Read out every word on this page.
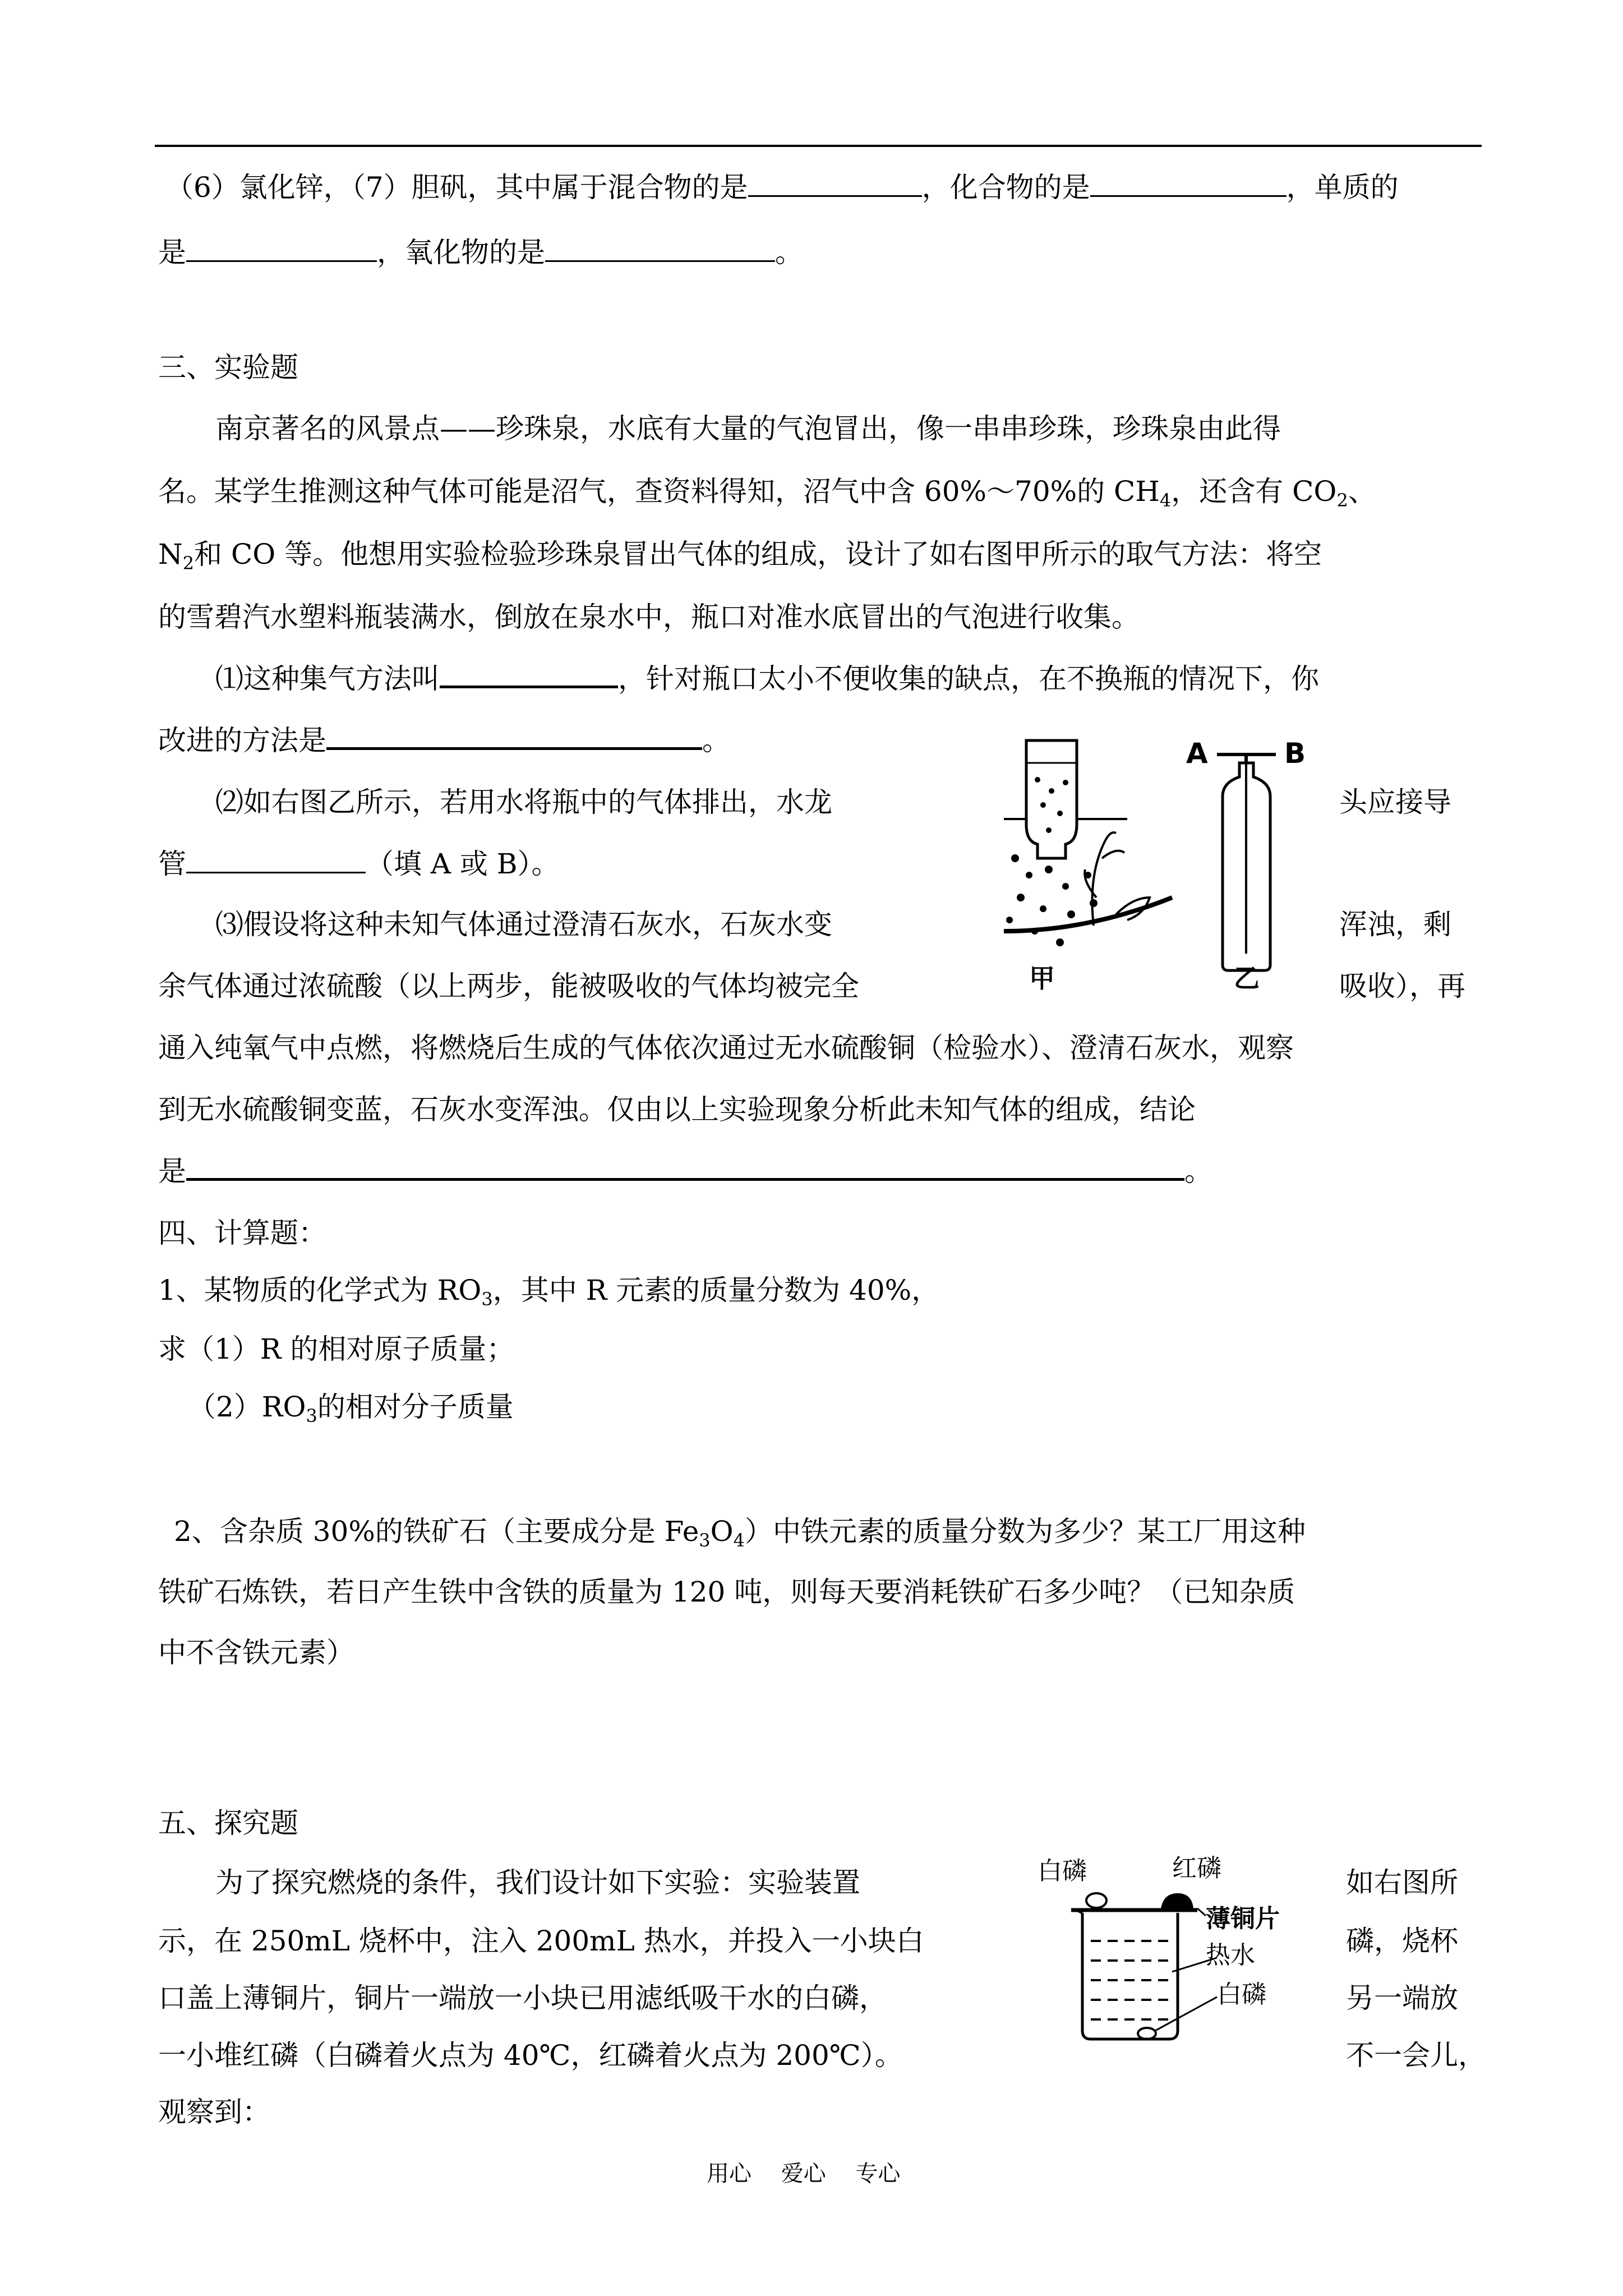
（6）氯化锌，（7）胆矾，其中属于混合物的是	，化合物的是	，单质的
是	，氧化物的是	。
三、实验题
南京著名的风景点——珍珠泉，水底有大量的气泡冒出，像一串串珍珠，珍珠泉由此得
名。某学生推测这种气体可能是沼气，查资料得知，沼气中含 60%～70%的 $CH_4$，还含有 $CO_2$、
$N_2$和 CO 等。他想用实验检验珍珠泉冒出气体的组成，设计了如右图甲所示的取气方法：将空
的雪碧汽水塑料瓶装满水，倒放在泉水中，瓶口对准水底冒出的气泡进行收集。
⑴这种集气方法叫	，针对瓶口太小不便收集的缺点，在不换瓶的情况下，你
改进的方法是	。
⑵如右图乙所示，若用水将瓶中的气体排出，水龙	头应接导
管	（填 A 或 B）。
⑶假设将这种未知气体通过澄清石灰水，石灰水变	浑浊，剩
余气体通过浓硫酸（以上两步，能被吸收的气体均被完全	吸收），再
通入纯氧气中点燃，将燃烧后生成的气体依次通过无水硫酸铜（检验水）、澄清石灰水，观察
到无水硫酸铜变蓝，石灰水变浑浊。仅由以上实验现象分析此未知气体的组成，结论
是	。
A	B
甲	乙
四、计算题：
1、某物质的化学式为 $RO_3$，其中 R 元素的质量分数为 40%，
求（1）R 的相对原子质量；
$(2)RO_3$的相对分子质量
2、含杂质 30%的铁矿石（主要成分是 $Fe_3O_4$）中铁元素的质量分数为多少？某工厂用这种
铁矿石炼铁，若日产生铁中含铁的质量为 120 吨，则每天要消耗铁矿石多少吨？（已知杂质
中不含铁元素）
五、探究题
为了探究燃烧的条件，我们设计如下实验：实验装置	如右图所
示，在 250mL 烧杯中，注入 200mL 热水，并投入一小块白	磷，烧杯
口盖上薄铜片，铜片一端放一小块已用滤纸吸干水的白磷，	另一端放
一小堆红磷（白磷着火点为 40℃，红磷着火点为 200℃）。	不一会儿，
观察到：
白磷	红磷
薄铜片
热水
白磷
用心　 爱心　 专心
